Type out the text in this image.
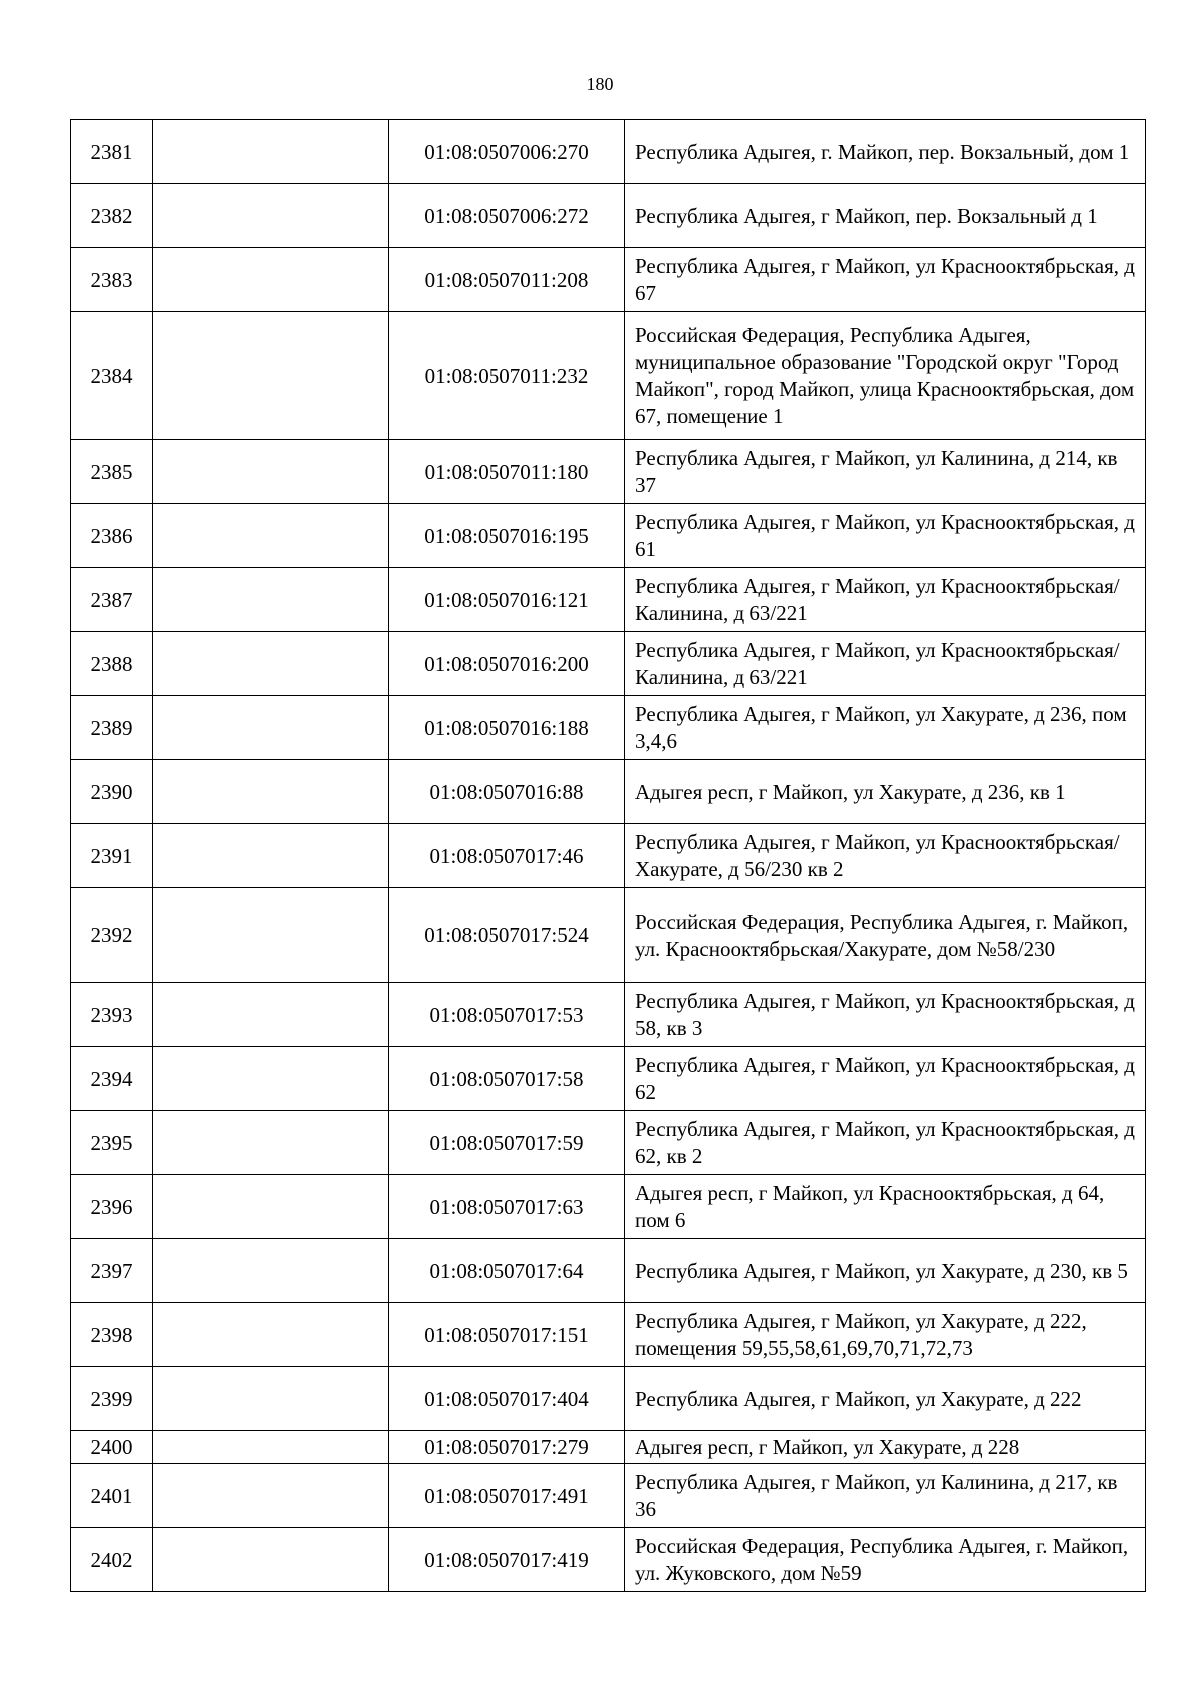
180
2381		01:08:0507006:270	Республика Адыгея, г. Майкоп, пер. Вокзальный, дом 1
2382		01:08:0507006:272	Республика Адыгея, г Майкоп, пер. Вокзальный д 1
2383		01:08:0507011:208	Республика Адыгея, г Майкоп, ул Краснооктябрьская, д 67
2384		01:08:0507011:232	Российская Федерация, Республика Адыгея, муниципальное образование "Городской округ "Город Майкоп", город Майкоп, улица Краснооктябрьская, дом 67, помещение 1
2385		01:08:0507011:180	Республика Адыгея, г Майкоп, ул Калинина, д 214, кв 37
2386		01:08:0507016:195	Республика Адыгея, г Майкоп, ул Краснооктябрьская, д 61
2387		01:08:0507016:121	Республика Адыгея, г Майкоп, ул Краснооктябрьская/Калинина, д 63/221
2388		01:08:0507016:200	Республика Адыгея, г Майкоп, ул Краснооктябрьская/Калинина, д 63/221
2389		01:08:0507016:188	Республика Адыгея, г Майкоп, ул Хакурате, д 236, пом 3,4,6
2390		01:08:0507016:88	Адыгея респ, г Майкоп, ул Хакурате, д 236, кв 1
2391		01:08:0507017:46	Республика Адыгея, г Майкоп, ул Краснооктябрьская/Хакурате, д 56/230 кв 2
2392		01:08:0507017:524	Российская Федерация, Республика Адыгея, г. Майкоп, ул. Краснооктябрьская/Хакурате, дом №58/230
2393		01:08:0507017:53	Республика Адыгея, г Майкоп, ул Краснооктябрьская, д 58, кв 3
2394		01:08:0507017:58	Республика Адыгея, г Майкоп, ул Краснооктябрьская, д 62
2395		01:08:0507017:59	Республика Адыгея, г Майкоп, ул Краснооктябрьская, д 62, кв 2
2396		01:08:0507017:63	Адыгея респ, г Майкоп, ул Краснооктябрьская, д 64, пом 6
2397		01:08:0507017:64	Республика Адыгея, г Майкоп, ул Хакурате, д 230, кв 5
2398		01:08:0507017:151	Республика Адыгея, г Майкоп, ул Хакурате, д 222, помещения 59,55,58,61,69,70,71,72,73
2399		01:08:0507017:404	Республика Адыгея, г Майкоп, ул Хакурате, д 222
2400		01:08:0507017:279	Адыгея респ, г Майкоп, ул Хакурате, д 228
2401		01:08:0507017:491	Республика Адыгея, г Майкоп, ул Калинина, д 217, кв 36
2402		01:08:0507017:419	Российская Федерация, Республика Адыгея, г. Майкоп, ул. Жуковского, дом №59
